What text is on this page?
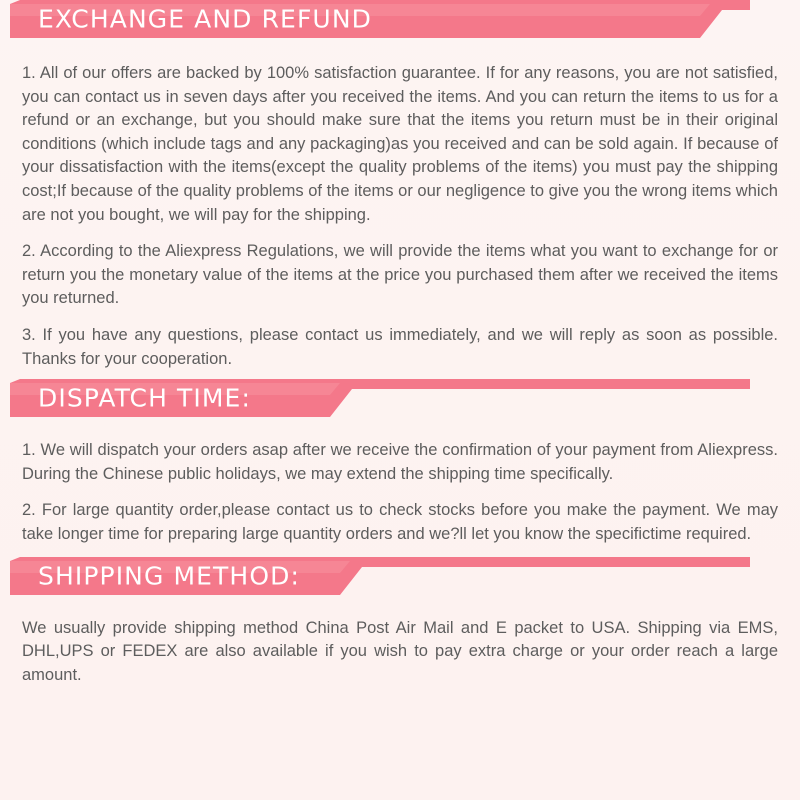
EXCHANGE AND REFUND

1. All of our offers are backed by 100% satisfaction guarantee. If for any reasons, you are not satisfied, you can contact us in seven days after you received the items. And you can return the items to us for a refund or an exchange, but you should make sure that the items you return must be in their original conditions (which include tags and any packaging)as you received and can be sold again. If because of your dissatisfaction with the items(except the quality problems of the items) you must pay the shipping cost;If because of the quality problems of the items or our negligence to give you the wrong items which are not you bought, we will pay for the shipping.

2. According to the Aliexpress Regulations, we will provide the items what you want to exchange for or return you the monetary value of the items at the price you purchased them after we received the items you returned.

3. If you have any questions, please contact us immediately, and we will reply as soon as possible. Thanks for your cooperation.

DISPATCH TIME:

1. We will dispatch your orders asap after we receive the confirmation of your payment from Aliexpress. During the Chinese public holidays, we may extend the shipping time specifically.

2. For large quantity order,please contact us to check stocks before you make the payment. We may take longer time for preparing large quantity orders and we?ll let you know the specifictime required.

SHIPPING METHOD:

We usually provide shipping method China Post Air Mail and E packet to USA. Shipping via EMS, DHL,UPS or FEDEX are also available if you wish to pay extra charge or your order reach a large amount.
